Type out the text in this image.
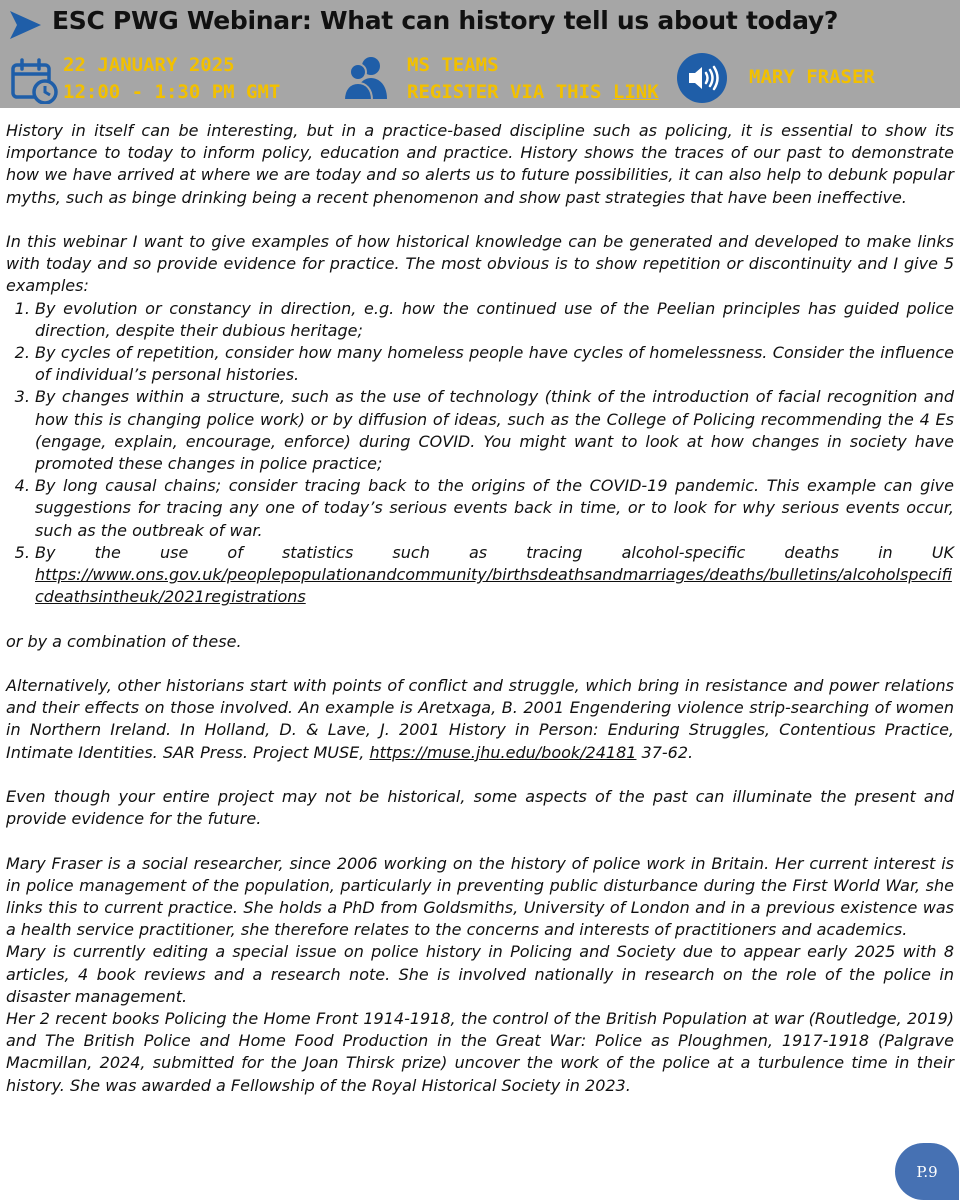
ESC PWG Webinar: What can history tell us about today?
22 JANUARY 2025
12:00 - 1:30 PM GMT
MS TEAMS
REGISTER VIA THIS LINK
MARY FRASER

History in itself can be interesting, but in a practice-based discipline such as policing, it is essential to show its importance to today to inform policy, education and practice. History shows the traces of our past to demonstrate how we have arrived at where we are today and so alerts us to future possibilities, it can also help to debunk popular myths, such as binge drinking being a recent phenomenon and show past strategies that have been ineffective.

In this webinar I want to give examples of how historical knowledge can be generated and developed to make links with today and so provide evidence for practice. The most obvious is to show repetition or discontinuity and I give 5 examples:

1. By evolution or constancy in direction, e.g. how the continued use of the Peelian principles has guided police direction, despite their dubious heritage;
2. By cycles of repetition, consider how many homeless people have cycles of homelessness. Consider the influence of individual’s personal histories.
3. By changes within a structure, such as the use of technology (think of the introduction of facial recognition and how this is changing police work) or by diffusion of ideas, such as the College of Policing recommending the 4 Es (engage, explain, encourage, enforce) during COVID. You might want to look at how changes in society have promoted these changes in police practice;
4. By long causal chains; consider tracing back to the origins of the COVID-19 pandemic. This example can give suggestions for tracing any one of today’s serious events back in time, or to look for why serious events occur, such as the outbreak of war.
5. By the use of statistics such as tracing alcohol-specific deaths in UK
https://www.ons.gov.uk/peoplepopulationandcommunity/birthsdeathsandmarriages/deaths/bulletins/alcoholspecificdeathsintheuk/2021registrations

or by a combination of these.

Alternatively, other historians start with points of conflict and struggle, which bring in resistance and power relations and their effects on those involved. An example is Aretxaga, B. 2001 Engendering violence strip-searching of women in Northern Ireland. In Holland, D. & Lave, J. 2001 History in Person: Enduring Struggles, Contentious Practice, Intimate Identities. SAR Press. Project MUSE, https://muse.jhu.edu/book/24181 37-62.

Even though your entire project may not be historical, some aspects of the past can illuminate the present and provide evidence for the future.

Mary Fraser is a social researcher, since 2006 working on the history of police work in Britain. Her current interest is in police management of the population, particularly in preventing public disturbance during the First World War, she links this to current practice. She holds a PhD from Goldsmiths, University of London and in a previous existence was a health service practitioner, she therefore relates to the concerns and interests of practitioners and academics.

Mary is currently editing a special issue on police history in Policing and Society due to appear early 2025 with 8 articles, 4 book reviews and a research note. She is involved nationally in research on the role of the police in disaster management.

Her 2 recent books Policing the Home Front 1914-1918, the control of the British Population at war (Routledge, 2019) and The British Police and Home Food Production in the Great War: Police as Ploughmen, 1917-1918 (Palgrave Macmillan, 2024, submitted for the Joan Thirsk prize) uncover the work of the police at a turbulence time in their history. She was awarded a Fellowship of the Royal Historical Society in 2023.

P.9
